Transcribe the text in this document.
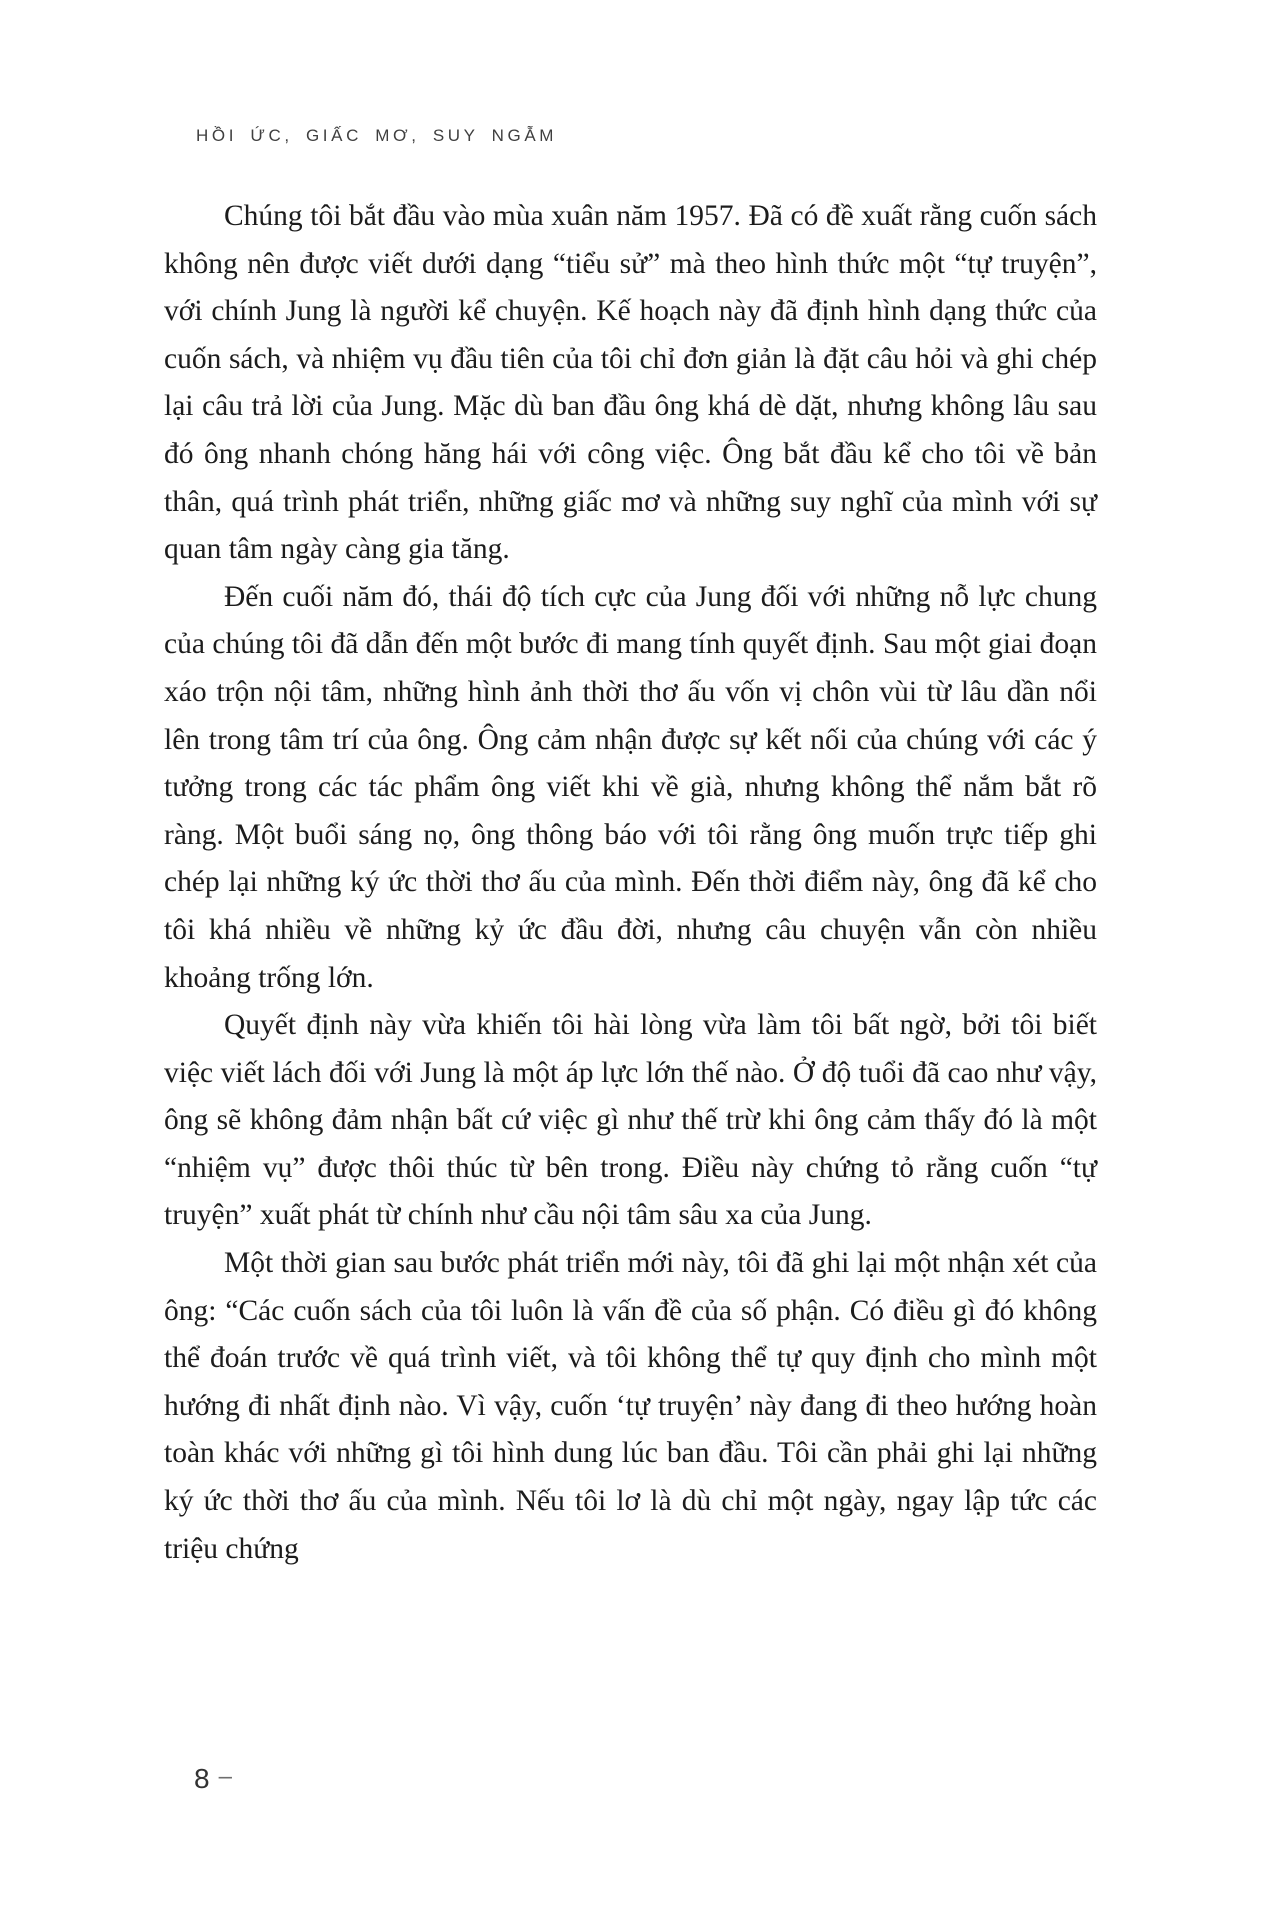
HỒI ỨC, GIẤC MƠ, SUY NGẪM

Chúng tôi bắt đầu vào mùa xuân năm 1957. Đã có đề xuất rằng cuốn sách không nên được viết dưới dạng “tiểu sử” mà theo hình thức một “tự truyện”, với chính Jung là người kể chuyện. Kế hoạch này đã định hình dạng thức của cuốn sách, và nhiệm vụ đầu tiên của tôi chỉ đơn giản là đặt câu hỏi và ghi chép lại câu trả lời của Jung. Mặc dù ban đầu ông khá dè dặt, nhưng không lâu sau đó ông nhanh chóng hăng hái với công việc. Ông bắt đầu kể cho tôi về bản thân, quá trình phát triển, những giấc mơ và những suy nghĩ của mình với sự quan tâm ngày càng gia tăng.

Đến cuối năm đó, thái độ tích cực của Jung đối với những nỗ lực chung của chúng tôi đã dẫn đến một bước đi mang tính quyết định. Sau một giai đoạn xáo trộn nội tâm, những hình ảnh thời thơ ấu vốn vị chôn vùi từ lâu dần nổi lên trong tâm trí của ông. Ông cảm nhận được sự kết nối của chúng với các ý tưởng trong các tác phẩm ông viết khi về già, nhưng không thể nắm bắt rõ ràng. Một buổi sáng nọ, ông thông báo với tôi rằng ông muốn trực tiếp ghi chép lại những ký ức thời thơ ấu của mình. Đến thời điểm này, ông đã kể cho tôi khá nhiều về những kỷ ức đầu đời, nhưng câu chuyện vẫn còn nhiều khoảng trống lớn.

Quyết định này vừa khiến tôi hài lòng vừa làm tôi bất ngờ, bởi tôi biết việc viết lách đối với Jung là một áp lực lớn thế nào. Ở độ tuổi đã cao như vậy, ông sẽ không đảm nhận bất cứ việc gì như thế trừ khi ông cảm thấy đó là một “nhiệm vụ” được thôi thúc từ bên trong. Điều này chứng tỏ rằng cuốn “tự truyện” xuất phát từ chính như cầu nội tâm sâu xa của Jung.

Một thời gian sau bước phát triển mới này, tôi đã ghi lại một nhận xét của ông: “Các cuốn sách của tôi luôn là vấn đề của số phận. Có điều gì đó không thể đoán trước về quá trình viết, và tôi không thể tự quy định cho mình một hướng đi nhất định nào. Vì vậy, cuốn ‘tự truyện’ này đang đi theo hướng hoàn toàn khác với những gì tôi hình dung lúc ban đầu. Tôi cần phải ghi lại những ký ức thời thơ ấu của mình. Nếu tôi lơ là dù chỉ một ngày, ngay lập tức các triệu chứng

8 –
